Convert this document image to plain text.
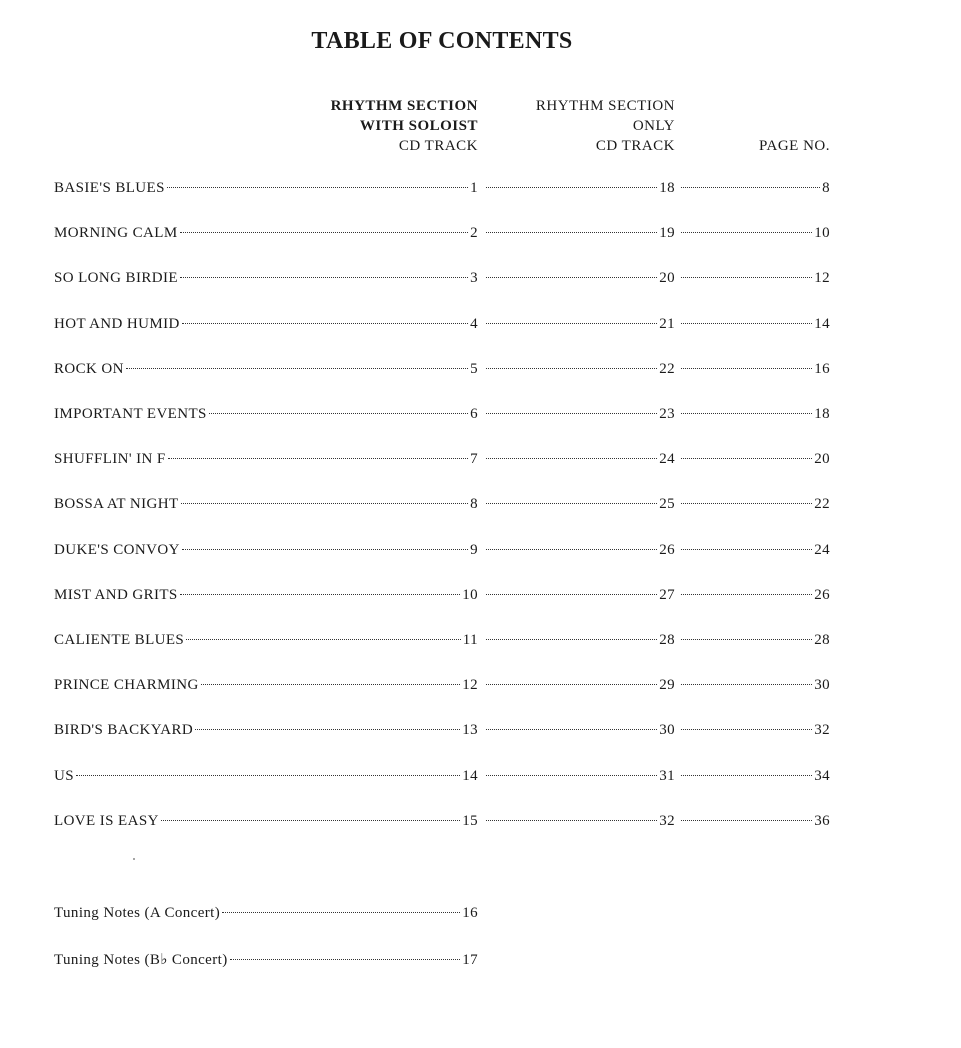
TABLE OF CONTENTS
RHYTHM SECTION
WITH SOLOIST
CD TRACK
RHYTHM SECTION
ONLY
CD TRACK	PAGE NO.
BASIE'S BLUES	1	18	8
MORNING CALM	2	19	10
SO LONG BIRDIE	3	20	12
HOT AND HUMID	4	21	14
ROCK ON	5	22	16
IMPORTANT EVENTS	6	23	18
SHUFFLIN' IN F	7	24	20
BOSSA AT NIGHT	8	25	22
DUKE'S CONVOY	9	26	24
MIST AND GRITS	10	27	26
CALIENTE BLUES	11	28	28
PRINCE CHARMING	12	29	30
BIRD'S BACKYARD	13	30	32
US	14	31	34
LOVE IS EASY	15	32	36
Tuning Notes (A Concert)	16
Tuning Notes (B♭ Concert)	17
